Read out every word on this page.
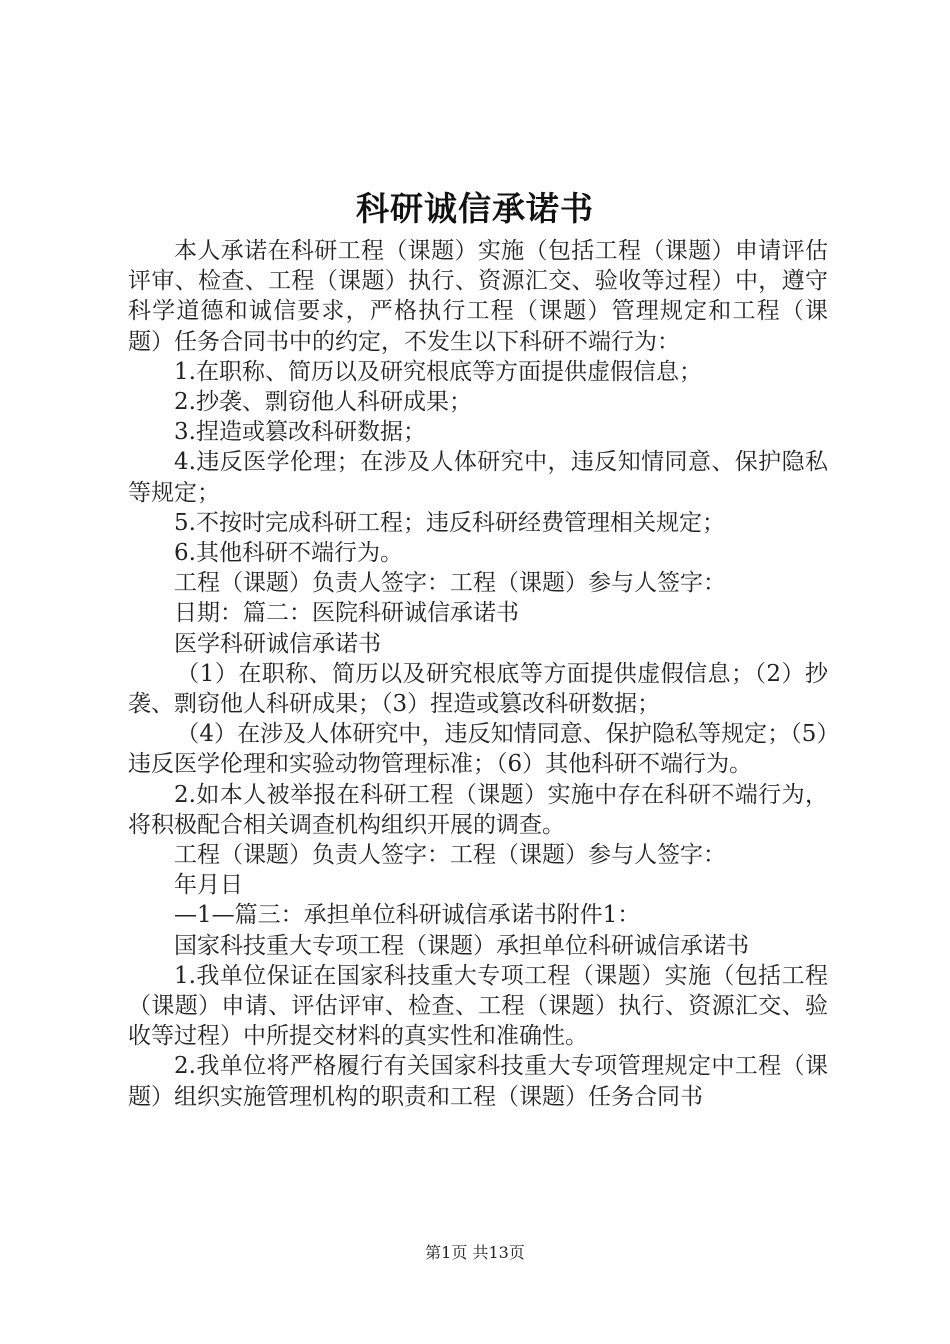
科研诚信承诺书

本人承诺在科研工程（课题）实施（包括工程（课题）申请评估评审、检查、工程（课题）执行、资源汇交、验收等过程）中，遵守科学道德和诚信要求，严格执行工程（课题）管理规定和工程（课题）任务合同书中的约定，不发生以下科研不端行为：

1.在职称、简历以及研究根底等方面提供虚假信息；

2.抄袭、剽窃他人科研成果；

3.捏造或篡改科研数据；

4.违反医学伦理；在涉及人体研究中，违反知情同意、保护隐私等规定；

5.不按时完成科研工程；违反科研经费管理相关规定；

6.其他科研不端行为。

工程（课题）负责人签字：工程（课题）参与人签字：

日期：篇二：医院科研诚信承诺书

医学科研诚信承诺书

（1）在职称、简历以及研究根底等方面提供虚假信息；（2）抄袭、剽窃他人科研成果；（3）捏造或篡改科研数据；

（4）在涉及人体研究中，违反知情同意、保护隐私等规定；（5）违反医学伦理和实验动物管理标准；（6）其他科研不端行为。

2.如本人被举报在科研工程（课题）实施中存在科研不端行为，将积极配合相关调查机构组织开展的调查。

工程（课题）负责人签字：工程（课题）参与人签字：

年月日

—1—篇三：承担单位科研诚信承诺书附件1：

国家科技重大专项工程（课题）承担单位科研诚信承诺书

1.我单位保证在国家科技重大专项工程（课题）实施（包括工程（课题）申请、评估评审、检查、工程（课题）执行、资源汇交、验收等过程）中所提交材料的真实性和准确性。

2.我单位将严格履行有关国家科技重大专项管理规定中工程（课题）组织实施管理机构的职责和工程（课题）任务合同书

第1页 共13页
